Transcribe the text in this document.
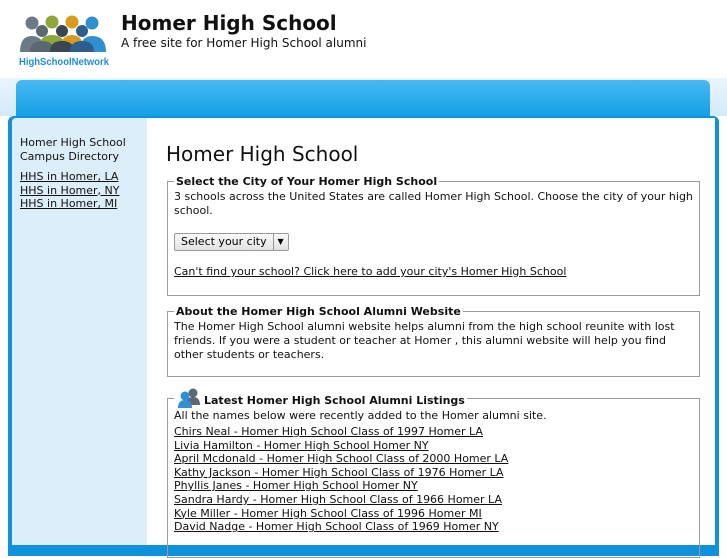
HighSchoolNetwork
Homer High School
A free site for Homer High School alumni
Homer High School Campus Directory
HHS in Homer, LA
HHS in Homer, NY
HHS in Homer, MI
Homer High School
Select the City of Your Homer High School

3 schools across the United States are called Homer High School. Choose the city of your high school.

Select your city	▼
Can't find your school? Click here to add your city's Homer High School
About the Homer High School Alumni Website

The Homer High School alumni website helps alumni from the high school reunite with lost friends. If you were a student or teacher at Homer , this alumni website will help you find other students or teachers.

Latest Homer High School Alumni Listings

All the names below were recently added to the Homer alumni site.

Chirs Neal - Homer High School Class of 1997 Homer LA
Livia Hamilton - Homer High School Homer NY
April Mcdonald - Homer High School Class of 2000 Homer LA
Kathy Jackson - Homer High School Class of 1976 Homer LA
Phyllis Janes - Homer High School Homer NY
Sandra Hardy - Homer High School Class of 1966 Homer LA
Kyle Miller - Homer High School Class of 1996 Homer MI
David Nadge - Homer High School Class of 1969 Homer NY
